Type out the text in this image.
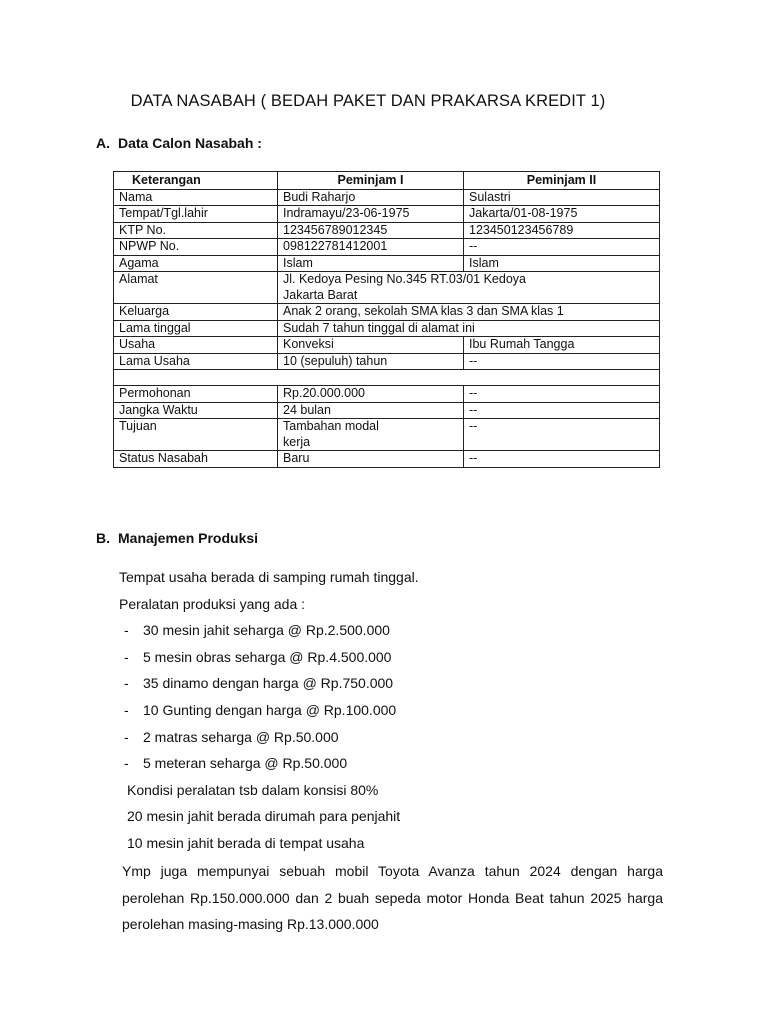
DATA NASABAH ( BEDAH PAKET DAN PRAKARSA KREDIT 1)
A. Data Calon Nasabah :
Keterangan	Peminjam I	Peminjam II
Nama	Budi Raharjo	Sulastri
Tempat/Tgl.lahir	Indramayu/23-06-1975	Jakarta/01-08-1975
KTP No.	123456789012345	123450123456789
NPWP No.	098122781412001	--
Agama	Islam	Islam
Alamat	Jl. Kedoya Pesing No.345 RT.03/01 Kedoya Jakarta Barat	
Keluarga	Anak 2 orang, sekolah SMA klas 3 dan SMA klas 1	
Lama tinggal	Sudah 7 tahun tinggal di alamat ini	
Usaha	Konveksi	Ibu Rumah Tangga
Lama Usaha	10 (sepuluh) tahun	--

Permohonan	Rp.20.000.000	--
Jangka Waktu	24 bulan	--
Tujuan	Tambahan modal kerja	--
Status Nasabah	Baru	--
B. Manajemen Produksi
Tempat usaha berada di samping rumah tinggal.
Peralatan produksi yang ada :
- 30 mesin jahit seharga @ Rp.2.500.000
- 5 mesin obras seharga @ Rp.4.500.000
- 35 dinamo dengan harga @ Rp.750.000
- 10 Gunting dengan harga @ Rp.100.000
- 2 matras seharga @ Rp.50.000
- 5 meteran seharga @ Rp.50.000
Kondisi peralatan tsb dalam konsisi 80%
20 mesin jahit berada dirumah para penjahit
10 mesin jahit berada di tempat usaha
Ymp juga mempunyai sebuah mobil Toyota Avanza tahun 2024 dengan harga perolehan Rp.150.000.000 dan 2 buah sepeda motor Honda Beat tahun 2025 harga perolehan masing-masing Rp.13.000.000
